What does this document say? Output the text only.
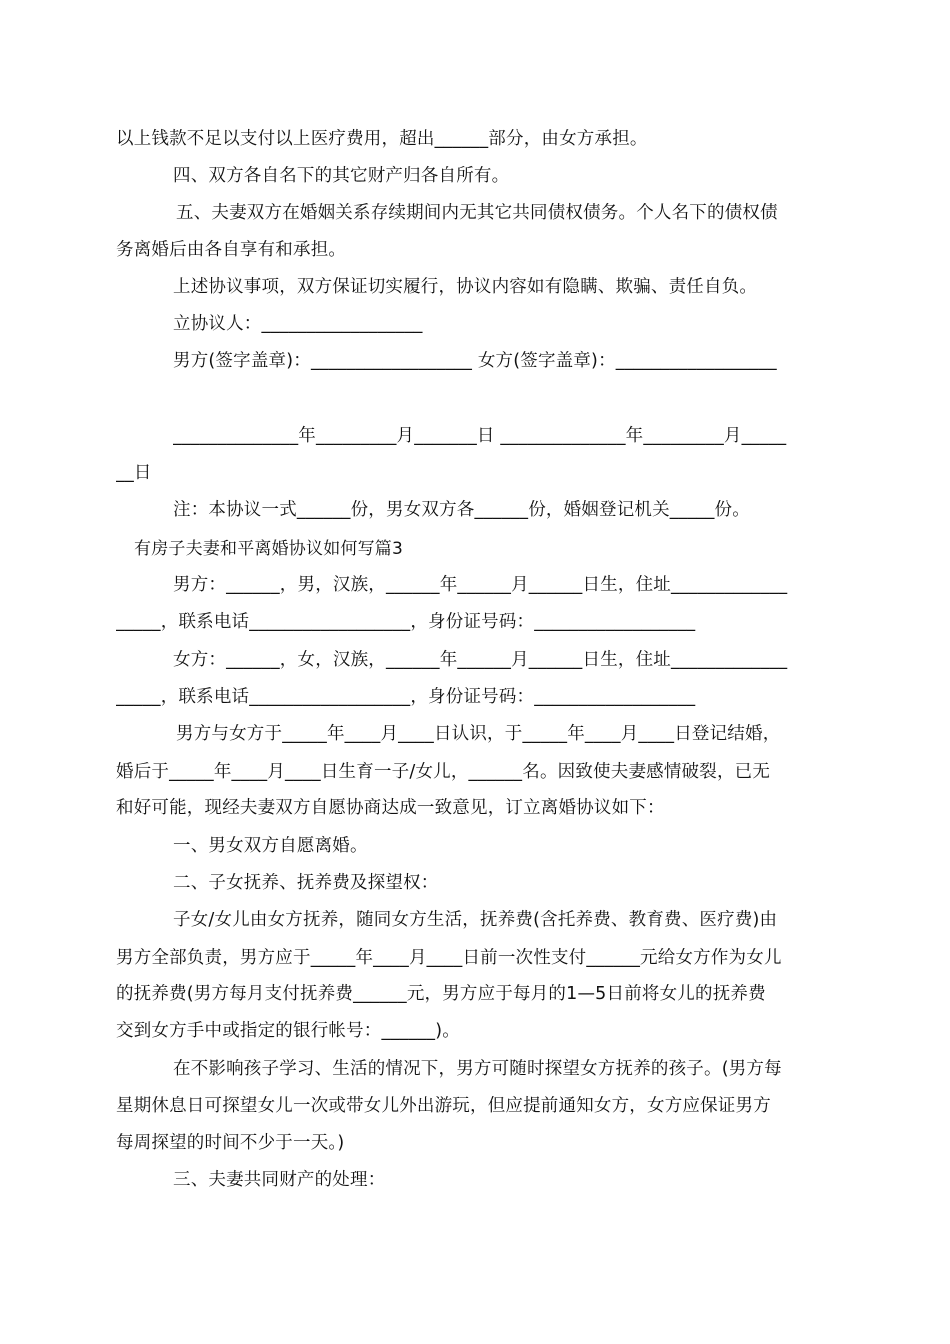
以上钱款不足以支付以上医疗费用，超出______部分，由女方承担。
四、双方各自名下的其它财产归各自所有。
五、夫妻双方在婚姻关系存续期间内无其它共同债权债务。个人名下的债权债
务离婚后由各自享有和承担。
上述协议事项，双方保证切实履行，协议内容如有隐瞒、欺骗、责任自负。
立协议人：__________________
男方(签字盖章)：__________________ 女方(签字盖章)：__________________
______________年_________月_______日 ______________年_________月_____
__日
注：本协议一式______份，男女双方各______份，婚姻登记机关_____份。
有房子夫妻和平离婚协议如何写篇3
男方：______，男，汉族，______年______月______日生，住址_____________
_____，联系电话__________________，身份证号码：__________________
女方：______，女，汉族，______年______月______日生，住址_____________
_____，联系电话__________________，身份证号码：__________________
男方与女方于_____年____月____日认识，于_____年____月____日登记结婚，
婚后于_____年____月____日生育一子/女儿，______名。因致使夫妻感情破裂，已无
和好可能，现经夫妻双方自愿协商达成一致意见，订立离婚协议如下：
一、男女双方自愿离婚。
二、子女抚养、抚养费及探望权：
子女/女儿由女方抚养，随同女方生活，抚养费(含托养费、教育费、医疗费)由
男方全部负责，男方应于_____年____月____日前一次性支付______元给女方作为女儿
的抚养费(男方每月支付抚养费______元，男方应于每月的1—5日前将女儿的抚养费
交到女方手中或指定的银行帐号：______)。
在不影响孩子学习、生活的情况下，男方可随时探望女方抚养的孩子。(男方每
星期休息日可探望女儿一次或带女儿外出游玩，但应提前通知女方，女方应保证男方
每周探望的时间不少于一天。)
三、夫妻共同财产的处理：
